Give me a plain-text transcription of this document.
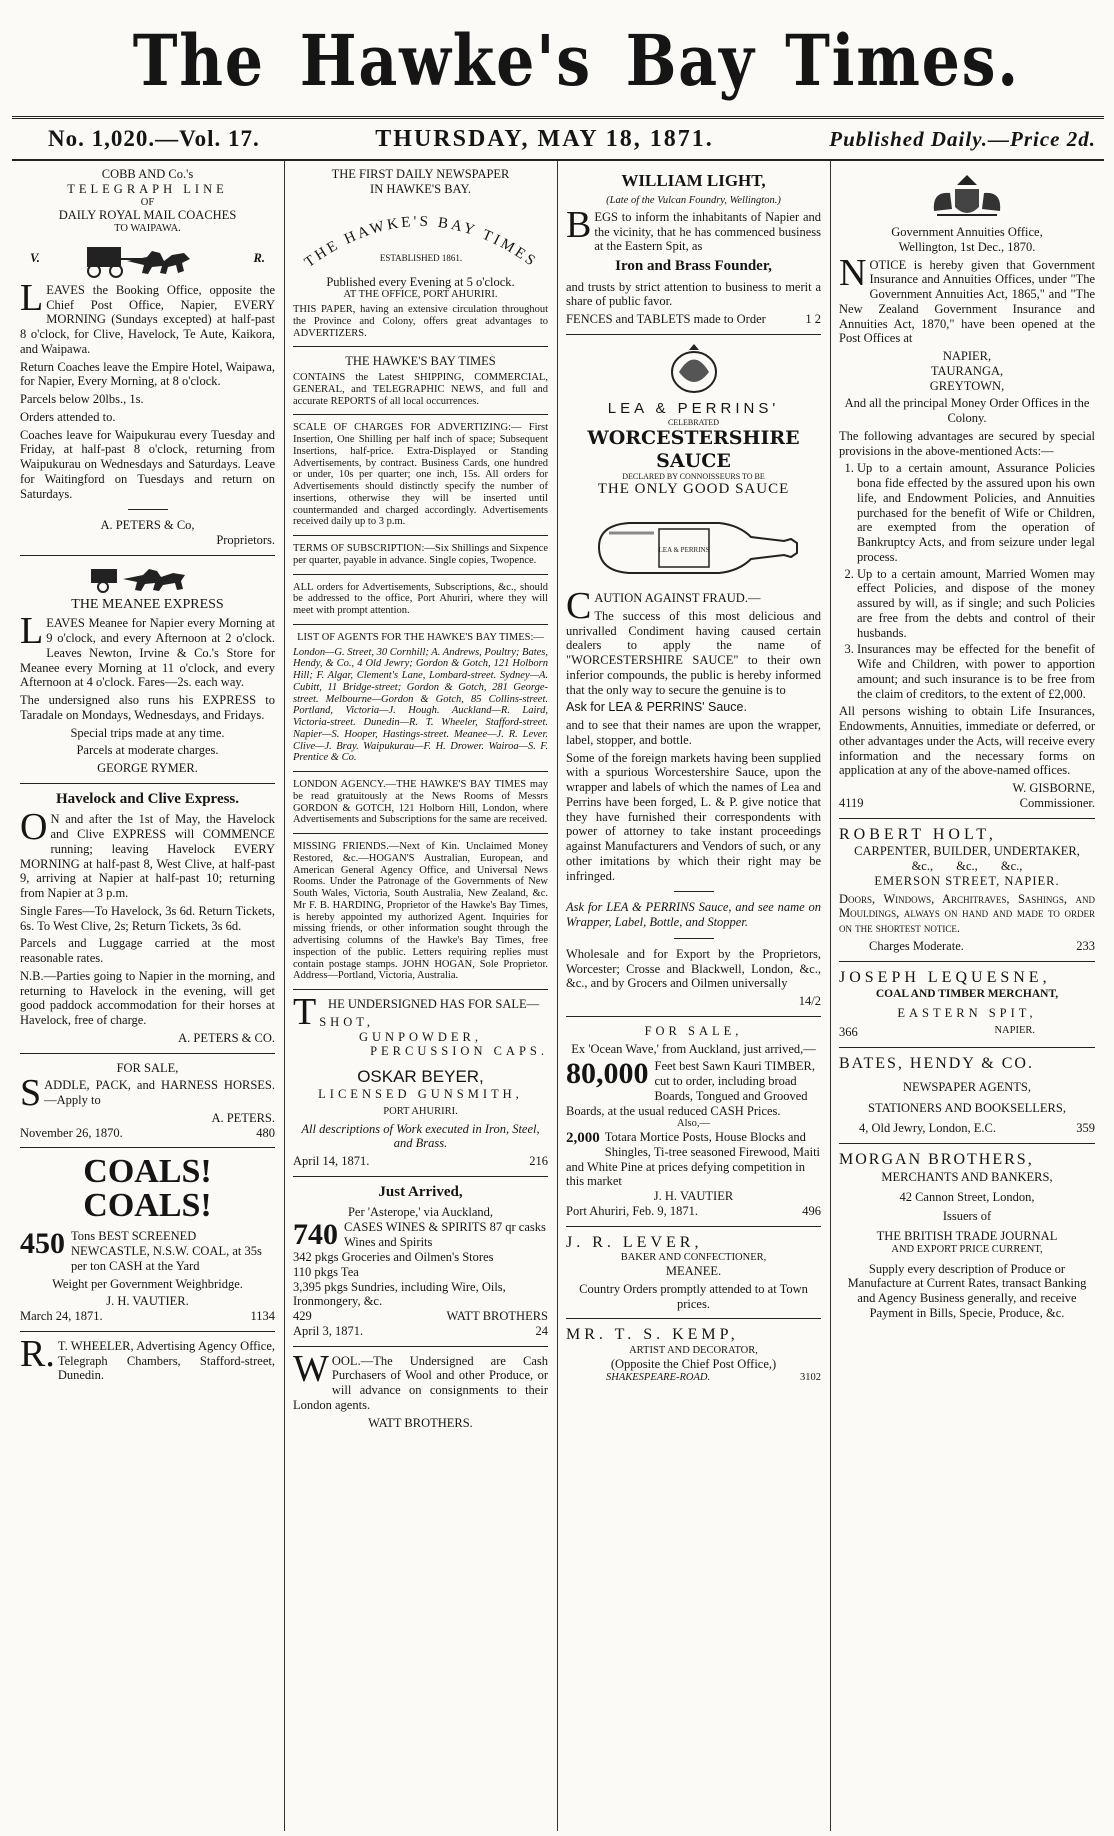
The Hawke's Bay Times.
No. 1,020.—Vol. 17.	THURSDAY, MAY 18, 1871.	Published Daily.—Price 2d.
COBB AND Co.'s
TELEGRAPH LINE
OF
DAILY ROYAL MAIL COACHES
TO WAIPAWA.
V.	R.

LEAVES the Booking Office, opposite the Chief Post Office, Napier, EVERY MORNING (Sundays excepted) at half-past 8 o'clock, for Clive, Havelock, Te Aute, Kaikora, and Waipawa.

Return Coaches leave the Empire Hotel, Waipawa, for Napier, Every Morning, at 8 o'clock.

Parcels below 20lbs., 1s.

Orders attended to.

Coaches leave for Waipukurau every Tuesday and Friday, at half-past 8 o'clock, returning from Waipukurau on Wednesdays and Saturdays. Leave for Waitingford on Tuesdays and return on Saturdays.

A. PETERS & Co,
Proprietors.
THE MEANEE EXPRESS

LEAVES Meanee for Napier every Morning at 9 o'clock, and every Afternoon at 2 o'clock. Leaves Newton, Irvine & Co.'s Store for Meanee every Morning at 11 o'clock, and every Afternoon at 4 o'clock. Fares—2s. each way.

The undersigned also runs his EXPRESS to Taradale on Mondays, Wednesdays, and Fridays.

Special trips made at any time.

Parcels at moderate charges.

GEORGE RYMER.
Havelock and Clive Express.

ON and after the 1st of May, the Havelock and Clive EXPRESS will COMMENCE running; leaving Havelock EVERY MORNING at half-past 8, West Clive, at half-past 9, arriving at Napier at half-past 10; returning from Napier at 3 p.m.

Single Fares—To Havelock, 3s 6d. Return Tickets, 6s. To West Clive, 2s; Return Tickets, 3s 6d.

Parcels and Luggage carried at the most reasonable rates.

N.B.—Parties going to Napier in the morning, and returning to Havelock in the evening, will get good paddock accommodation for their horses at Havelock, free of charge.

A. PETERS & CO.
FOR SALE,

SADDLE, PACK, and HARNESS HORSES.—Apply to

A. PETERS.
November 26, 1870.	480
COALS! COALS!
450 Tons BEST SCREENED NEWCASTLE, N.S.W. COAL, at 35s per ton CASH at the Yard

Weight per Government Weighbridge.

J. H. VAUTIER.
March 24, 1871.	1134

R.T. WHEELER, Advertising Agency Office, Telegraph Chambers, Stafford-street, Dunedin.

THE FIRST DAILY NEWSPAPER
IN HAWKE'S BAY.
THE HAWKE'S BAY TIMES
ESTABLISHED 1861.
Published every Evening at 5 o'clock.
AT THE OFFICE, PORT AHURIRI.

THIS PAPER, having an extensive circulation throughout the Province and Colony, offers great advantages to ADVERTIZERS.

THE HAWKE'S BAY TIMES

CONTAINS the Latest SHIPPING, COMMERCIAL, GENERAL, and TELEGRAPHIC NEWS, and full and accurate REPORTS of all local occurrences.

SCALE OF CHARGES FOR ADVERTIZING:— First Insertion, One Shilling per half inch of space; Subsequent Insertions, half-price. Extra-Displayed or Standing Advertisements, by contract. Business Cards, one hundred or under, 10s per quarter; one inch, 15s. All orders for Advertisements should distinctly specify the number of insertions, otherwise they will be inserted until countermanded and charged accordingly. Advertisements received daily up to 3 p.m.

TERMS OF SUBSCRIPTION:—Six Shillings and Sixpence per quarter, payable in advance. Single copies, Twopence.

ALL orders for Advertisements, Subscriptions, &c., should be addressed to the office, Port Ahuriri, where they will meet with prompt attention.

LIST OF AGENTS FOR THE HAWKE'S BAY TIMES:—

London—G. Street, 30 Cornhill; A. Andrews, Poultry; Bates, Hendy, & Co., 4 Old Jewry; Gordon & Gotch, 121 Holborn Hill; F. Algar, Clement's Lane, Lombard-street. Sydney—A. Cubitt, 11 Bridge-street; Gordon & Gotch, 281 George-street. Melbourne—Gordon & Gotch, 85 Collins-street. Portland, Victoria—J. Hough. Auckland—R. Laird, Victoria-street. Dunedin—R. T. Wheeler, Stafford-street. Napier—S. Hooper, Hastings-street. Meanee—J. R. Lever. Clive—J. Bray. Waipukurau—F. H. Drower. Wairoa—S. F. Prentice & Co.

LONDON AGENCY.—THE HAWKE'S BAY TIMES may be read gratuitously at the News Rooms of Messrs GORDON & GOTCH, 121 Holborn Hill, London, where Advertisements and Subscriptions for the same are received.

MISSING FRIENDS.—Next of Kin. Unclaimed Money Restored, &c.—HOGAN'S Australian, European, and American General Agency Office, and Universal News Rooms. Under the Patronage of the Governments of New South Wales, Victoria, South Australia, New Zealand, &c. Mr F. B. HARDING, Proprietor of the Hawke's Bay Times, is hereby appointed my authorized Agent. Inquiries for missing friends, or other information sought through the advertising columns of the Hawke's Bay Times, free inspection of the public. Letters requiring replies must contain postage stamps. JOHN HOGAN, Sole Proprietor. Address—Portland, Victoria, Australia.

THE UNDERSIGNED HAS FOR SALE—

SHOT,
GUNPOWDER,
PERCUSSION CAPS.
OSKAR BEYER,
LICENSED GUNSMITH,
PORT AHURIRI.

All descriptions of Work executed in Iron, Steel, and Brass.

April 14, 1871.	216
Just Arrived,
Per 'Asterope,' via Auckland,
740 CASES WINES & SPIRITS 87 qr casks Wines and Spirits
342 pkgs Groceries and Oilmen's Stores
110 pkgs Tea
3,395 pkgs Sundries, including Wire, Oils, Ironmongery, &c.
429	WATT BROTHERS
April 3, 1871.	24

WOOL.—The Undersigned are Cash Purchasers of Wool and other Produce, or will advance on consignments to their London agents.

WATT BROTHERS.
WILLIAM LIGHT,
(Late of the Vulcan Foundry, Wellington.)

BEGS to inform the inhabitants of Napier and the vicinity, that he has commenced business at the Eastern Spit, as

Iron and Brass Founder,

and trusts by strict attention to business to merit a share of public favor.

FENCES and TABLETS made to Order	1 2
LEA & PERRINS'
CELEBRATED
WORCESTERSHIRE SAUCE
DECLARED BY CONNOISSEURS TO BE
THE ONLY GOOD SAUCE
LEA & PERRINS

CAUTION AGAINST FRAUD.—

The success of this most delicious and unrivalled Condiment having caused certain dealers to apply the name of "WORCESTERSHIRE SAUCE" to their own inferior compounds, the public is hereby informed that the only way to secure the genuine is to

Ask for LEA & PERRINS' Sauce.

and to see that their names are upon the wrapper, label, stopper, and bottle.

Some of the foreign markets having been supplied with a spurious Worcestershire Sauce, upon the wrapper and labels of which the names of Lea and Perrins have been forged, L. & P. give notice that they have furnished their correspondents with power of attorney to take instant proceedings against Manufacturers and Vendors of such, or any other imitations by which their right may be infringed.

Ask for LEA & PERRINS Sauce, and see name on Wrapper, Label, Bottle, and Stopper.

Wholesale and for Export by the Proprietors, Worcester; Crosse and Blackwell, London, &c., &c., and by Grocers and Oilmen universally

14/2
FOR SALE,

Ex 'Ocean Wave,' from Auckland, just arrived,—

80,000 Feet best Sawn Kauri TIMBER, cut to order, including broad Boards, Tongued and Grooved Boards, at the usual reduced CASH Prices.
Also,—
2,000 Totara Mortice Posts, House Blocks and Shingles, Ti-tree seasoned Firewood, Maiti and White Pine at prices defying competition in this market
J. H. VAUTIER
Port Ahuriri, Feb. 9, 1871.	496
J. R. LEVER,
BAKER AND CONFECTIONER,
MEANEE.

Country Orders promptly attended to at Town prices.

MR. T. S. KEMP,
ARTIST AND DECORATOR,
(Opposite the Chief Post Office,)
SHAKESPEARE-ROAD.	3102
Government Annuities Office,
Wellington, 1st Dec., 1870.

NOTICE is hereby given that Government Insurance and Annuities Offices, under "The Government Annuities Act, 1865," and "The New Zealand Government Insurance and Annuities Act, 1870," have been opened at the Post Offices at

NAPIER,
TAURANGA,
GREYTOWN,

And all the principal Money Order Offices in the Colony.

The following advantages are secured by special provisions in the above-mentioned Acts:—

1. Up to a certain amount, Assurance Policies bona fide effected by the assured upon his own life, and Endowment Policies, and Annuities purchased for the benefit of Wife or Children, are exempted from the operation of Bankruptcy Acts, and from seizure under legal process.
2. Up to a certain amount, Married Women may effect Policies, and dispose of the money assured by will, as if single; and such Policies are free from the debts and control of their husbands.
3. Insurances may be effected for the benefit of Wife and Children, with power to apportion amount; and such insurance is to be free from the claim of creditors, to the extent of £2,000.

All persons wishing to obtain Life Insurances, Endowments, Annuities, immediate or deferred, or other advantages under the Acts, will receive every information and the necessary forms on application at any of the above-named offices.

W. GISBORNE,
4119	Commissioner.
ROBERT HOLT,
CARPENTER, BUILDER, UNDERTAKER,
&c., &c., &c.,
EMERSON STREET, NAPIER.

Doors, Windows, Architraves, Sashings, and Mouldings, always on hand and made to order on the shortest notice.

Charges Moderate.	233
JOSEPH LEQUESNE,
COAL AND TIMBER MERCHANT,
EASTERN SPIT,
366	NAPIER.
BATES, HENDY & CO.
NEWSPAPER AGENTS,
STATIONERS AND BOOKSELLERS,
4, Old Jewry, London, E.C.	359
MORGAN BROTHERS,
MERCHANTS AND BANKERS,
42 Cannon Street, London,
Issuers of
THE BRITISH TRADE JOURNAL
AND EXPORT PRICE CURRENT,

Supply every description of Produce or Manufacture at Current Rates, transact Banking and Agency Business generally, and receive Payment in Bills, Specie, Produce, &c.
